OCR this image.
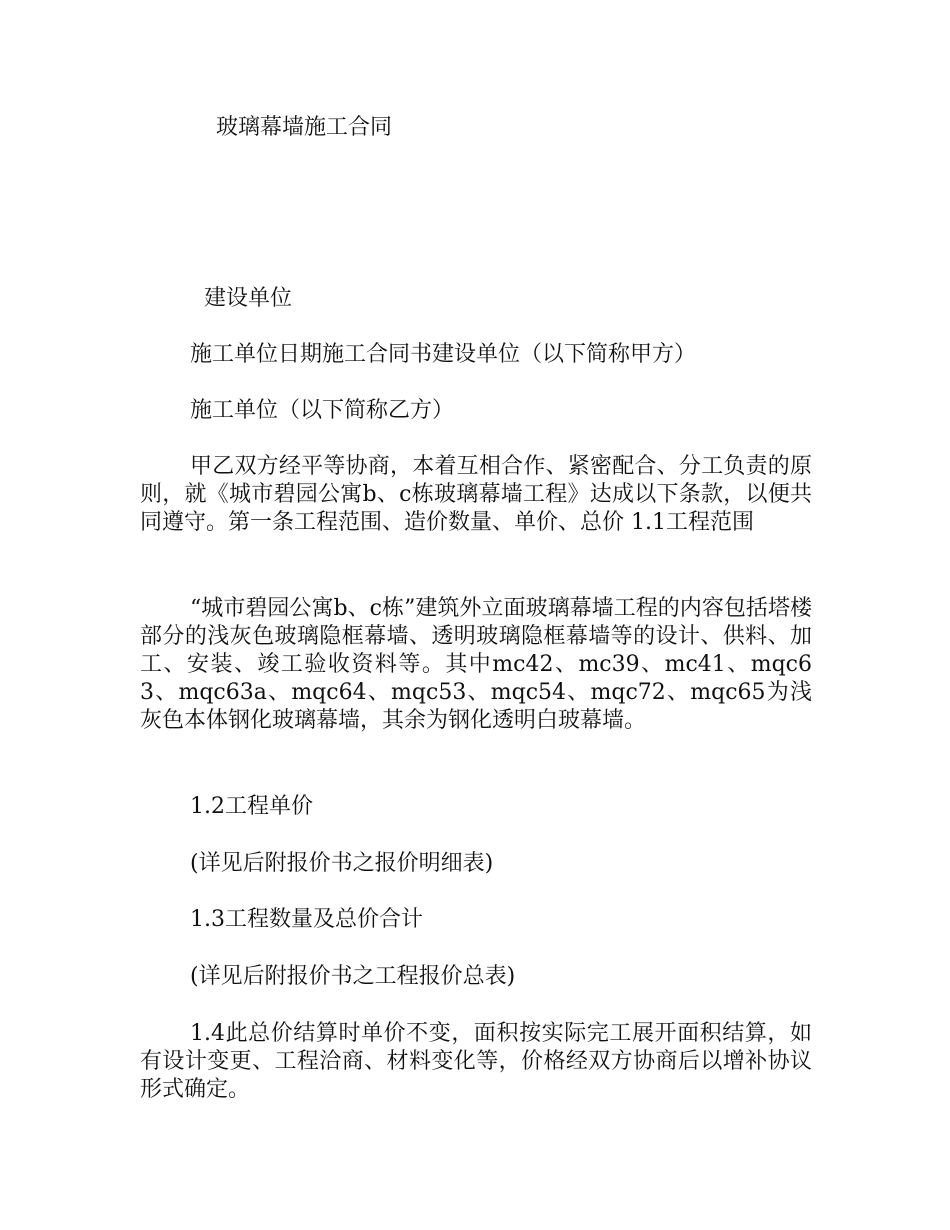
玻璃幕墙施工合同
建设单位
施工单位日期施工合同书建设单位（以下简称甲方）
施工单位（以下简称乙方）

甲乙双方经平等协商，本着互相合作、紧密配合、分工负责的原则，就《城市碧园公寓b、c栋玻璃幕墙工程》达成以下条款，以便共同遵守。第一条工程范围、造价数量、单价、总价 1.1工程范围

“城市碧园公寓b、c栋”建筑外立面玻璃幕墙工程的内容包括塔楼部分的浅灰色玻璃隐框幕墙、透明玻璃隐框幕墙等的设计、供料、加工、安装、竣工验收资料等。其中mc42、mc39、mc41、mqc63、mqc63a、mqc64、mqc53、mqc54、mqc72、mqc65为浅灰色本体钢化玻璃幕墙，其余为钢化透明白玻幕墙。

1.2工程单价
(详见后附报价书之报价明细表)
1.3工程数量及总价合计
(详见后附报价书之工程报价总表)

1.4此总价结算时单价不变，面积按实际完工展开面积结算，如有设计变更、工程洽商、材料变化等，价格经双方协商后以增补协议形式确定。
